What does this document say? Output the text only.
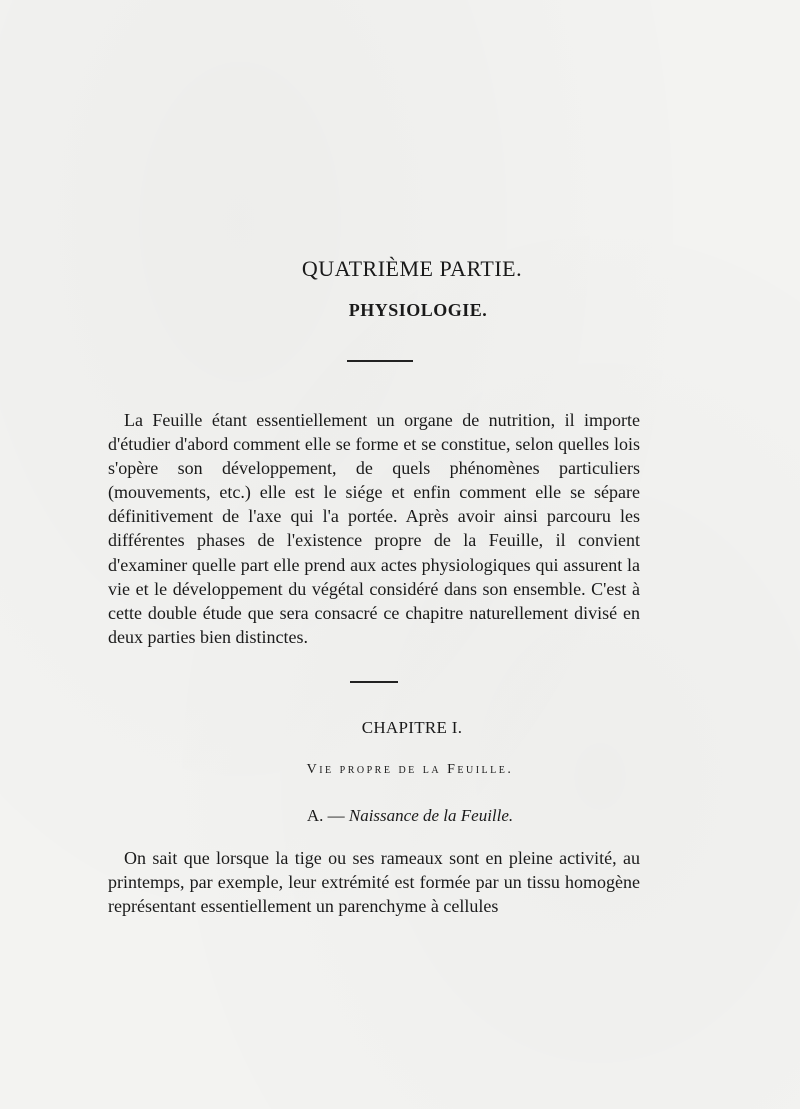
QUATRIÈME PARTIE.
PHYSIOLOGIE.

La Feuille étant essentiellement un organe de nutrition, il importe d'étudier d'abord comment elle se forme et se constitue, selon quelles lois s'opère son développement, de quels phénomènes particuliers (mouvements, etc.) elle est le siége et enfin comment elle se sépare définitivement de l'axe qui l'a portée. Après avoir ainsi parcouru les différentes phases de l'existence propre de la Feuille, il convient d'examiner quelle part elle prend aux actes physiologiques qui assurent la vie et le développement du végétal considéré dans son ensemble. C'est à cette double étude que sera consacré ce chapitre naturellement divisé en deux parties bien distinctes.

CHAPITRE I.
Vie propre de la Feuille.
A. — Naissance de la Feuille.

On sait que lorsque la tige ou ses rameaux sont en pleine activité, au printemps, par exemple, leur extrémité est formée par un tissu homogène représentant essentiellement un parenchyme à cellules
